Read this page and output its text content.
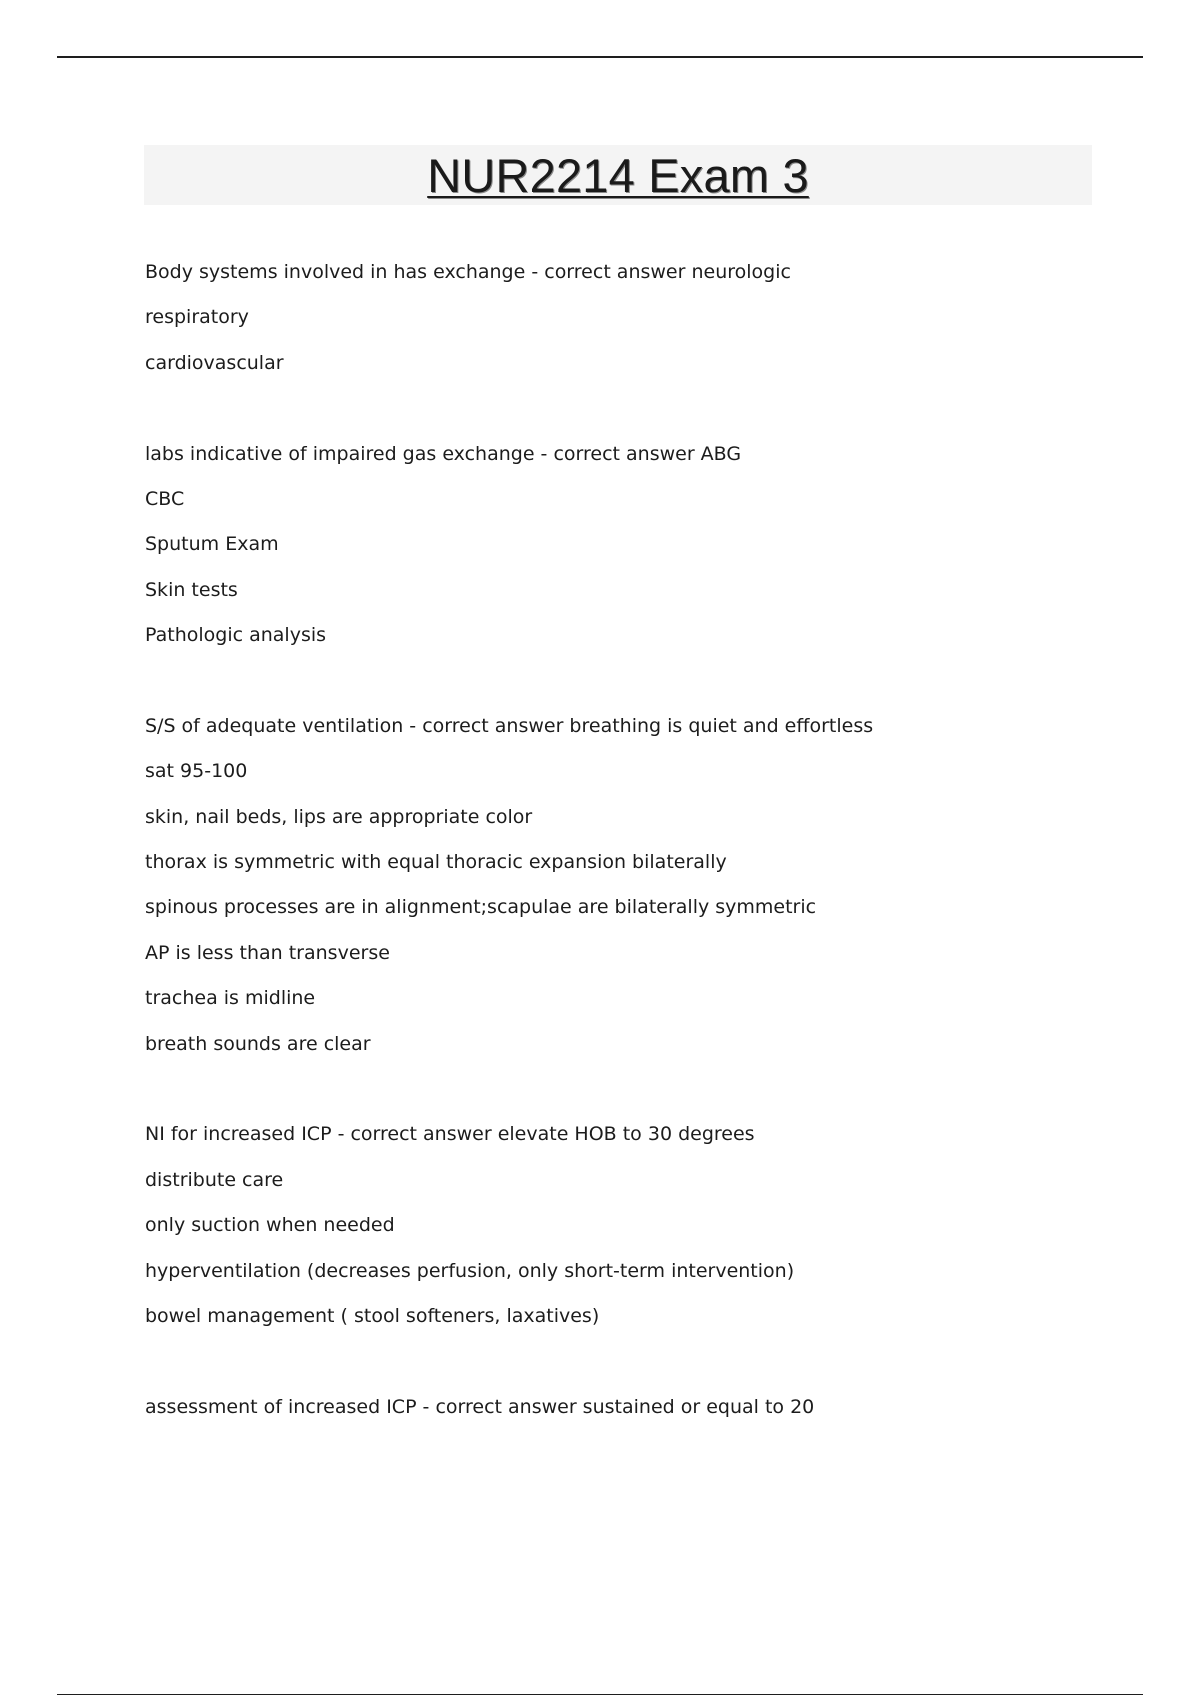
NUR2214 Exam 3
Body systems involved in has exchange - correct answer neurologic
respiratory
cardiovascular
labs indicative of impaired gas exchange - correct answer ABG
CBC
Sputum Exam
Skin tests
Pathologic analysis
S/S of adequate ventilation - correct answer breathing is quiet and effortless
sat 95-100
skin, nail beds, lips are appropriate color
thorax is symmetric with equal thoracic expansion bilaterally
spinous processes are in alignment;scapulae are bilaterally symmetric
AP is less than transverse
trachea is midline
breath sounds are clear
NI for increased ICP - correct answer elevate HOB to 30 degrees
distribute care
only suction when needed
hyperventilation (decreases perfusion, only short-term intervention)
bowel management ( stool softeners, laxatives)
assessment of increased ICP - correct answer sustained or equal to 20
